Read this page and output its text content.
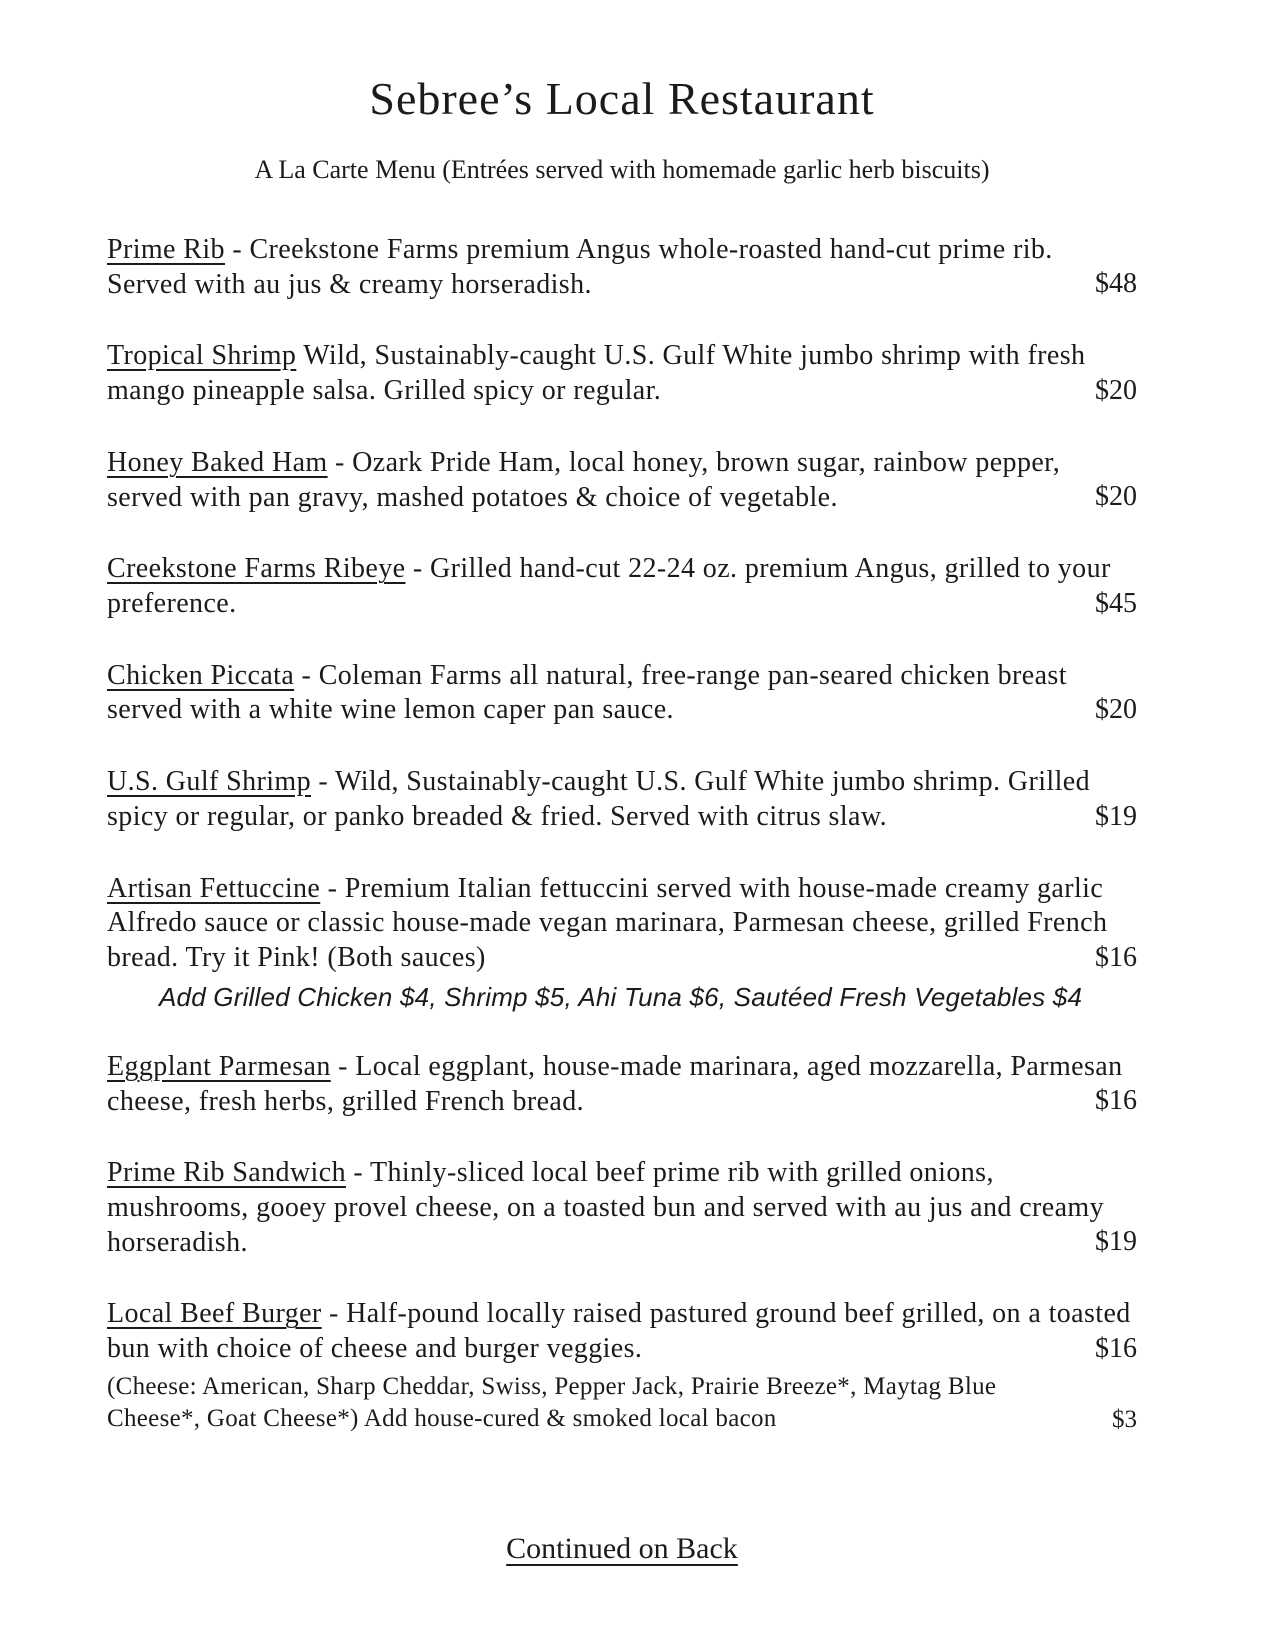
Sebree’s Local Restaurant

A La Carte Menu (Entrées served with homemade garlic herb biscuits)

Prime Rib - Creekstone Farms premium Angus whole-roasted hand-cut prime rib. Served with au jus & creamy horseradish.	$48

Tropical Shrimp Wild, Sustainably-caught U.S. Gulf White jumbo shrimp with fresh mango pineapple salsa. Grilled spicy or regular.	$20

Honey Baked Ham - Ozark Pride Ham, local honey, brown sugar, rainbow pepper, served with pan gravy, mashed potatoes & choice of vegetable.	$20

Creekstone Farms Ribeye - Grilled hand-cut 22-24 oz. premium Angus, grilled to your preference.	$45

Chicken Piccata - Coleman Farms all natural, free-range pan-seared chicken breast served with a white wine lemon caper pan sauce.	$20

U.S. Gulf Shrimp - Wild, Sustainably-caught U.S. Gulf White jumbo shrimp. Grilled spicy or regular, or panko breaded & fried. Served with citrus slaw.	$19

Artisan Fettuccine - Premium Italian fettuccini served with house-made creamy garlic Alfredo sauce or classic house-made vegan marinara, Parmesan cheese, grilled French bread. Try it Pink! (Both sauces)	$16

Add Grilled Chicken $4, Shrimp $5, Ahi Tuna $6, Sautéed Fresh Vegetables $4

Eggplant Parmesan - Local eggplant, house-made marinara, aged mozzarella, Parmesan cheese, fresh herbs, grilled French bread.	$16

Prime Rib Sandwich - Thinly-sliced local beef prime rib with grilled onions, mushrooms, gooey provel cheese, on a toasted bun and served with au jus and creamy horseradish.	$19

Local Beef Burger - Half-pound locally raised pastured ground beef grilled, on a toasted bun with choice of cheese and burger veggies.	$16

(Cheese: American, Sharp Cheddar, Swiss, Pepper Jack, Prairie Breeze*, Maytag Blue Cheese*, Goat Cheese*) Add house-cured & smoked local bacon	$3

Continued on Back
